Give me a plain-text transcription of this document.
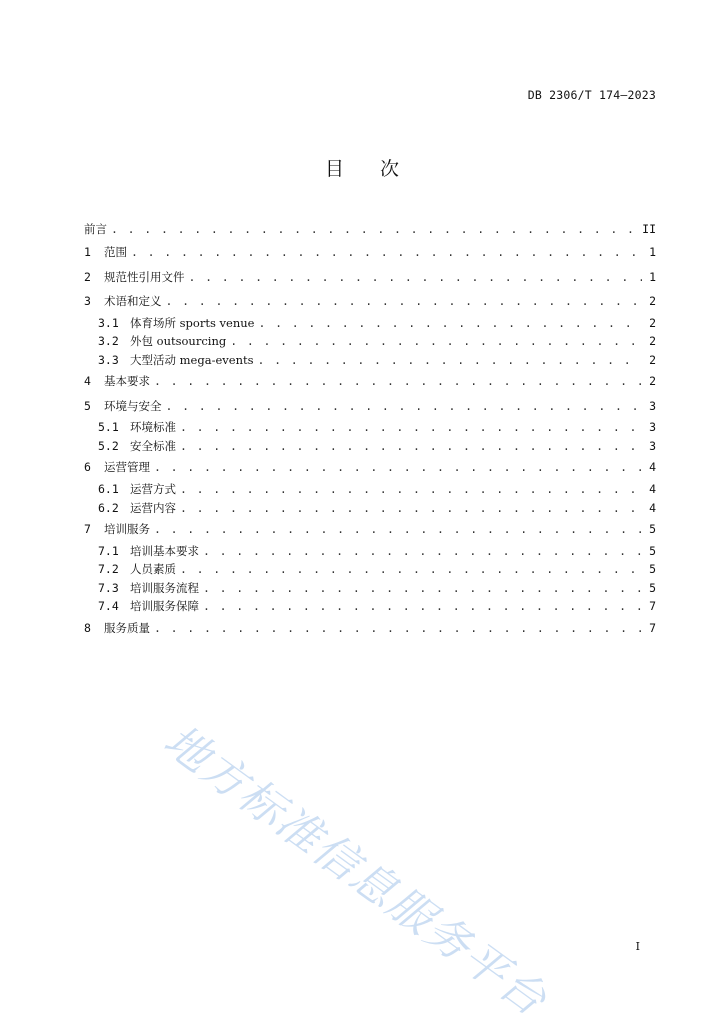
DB 2306/T 174—2023
目 次
前言 . . .	II
1	范围 . . .	1
2	规范性引用文件 . . .	1
3	术语和定义 . . .	2
3.1 体育场所 sports venue . . .	2
3.2 外包 outsourcing . . .	2
3.3 大型活动 mega-events . . .	2
4	基本要求 . . .	2
5	环境与安全 . . .	3
5.1 环境标准 . . .	3
5.2 安全标准 . . .	3
6	运营管理 . . .	4
6.1 运营方式 . . .	4
6.2 运营内容 . . .	4
7	培训服务 . . .	5
7.1 培训基本要求 . . .	5
7.2 人员素质 . . .	5
7.3 培训服务流程 . . .	5
7.4 培训服务保障 . . .	7
8	服务质量 . . .	7
地方标准信息服务平台	I
